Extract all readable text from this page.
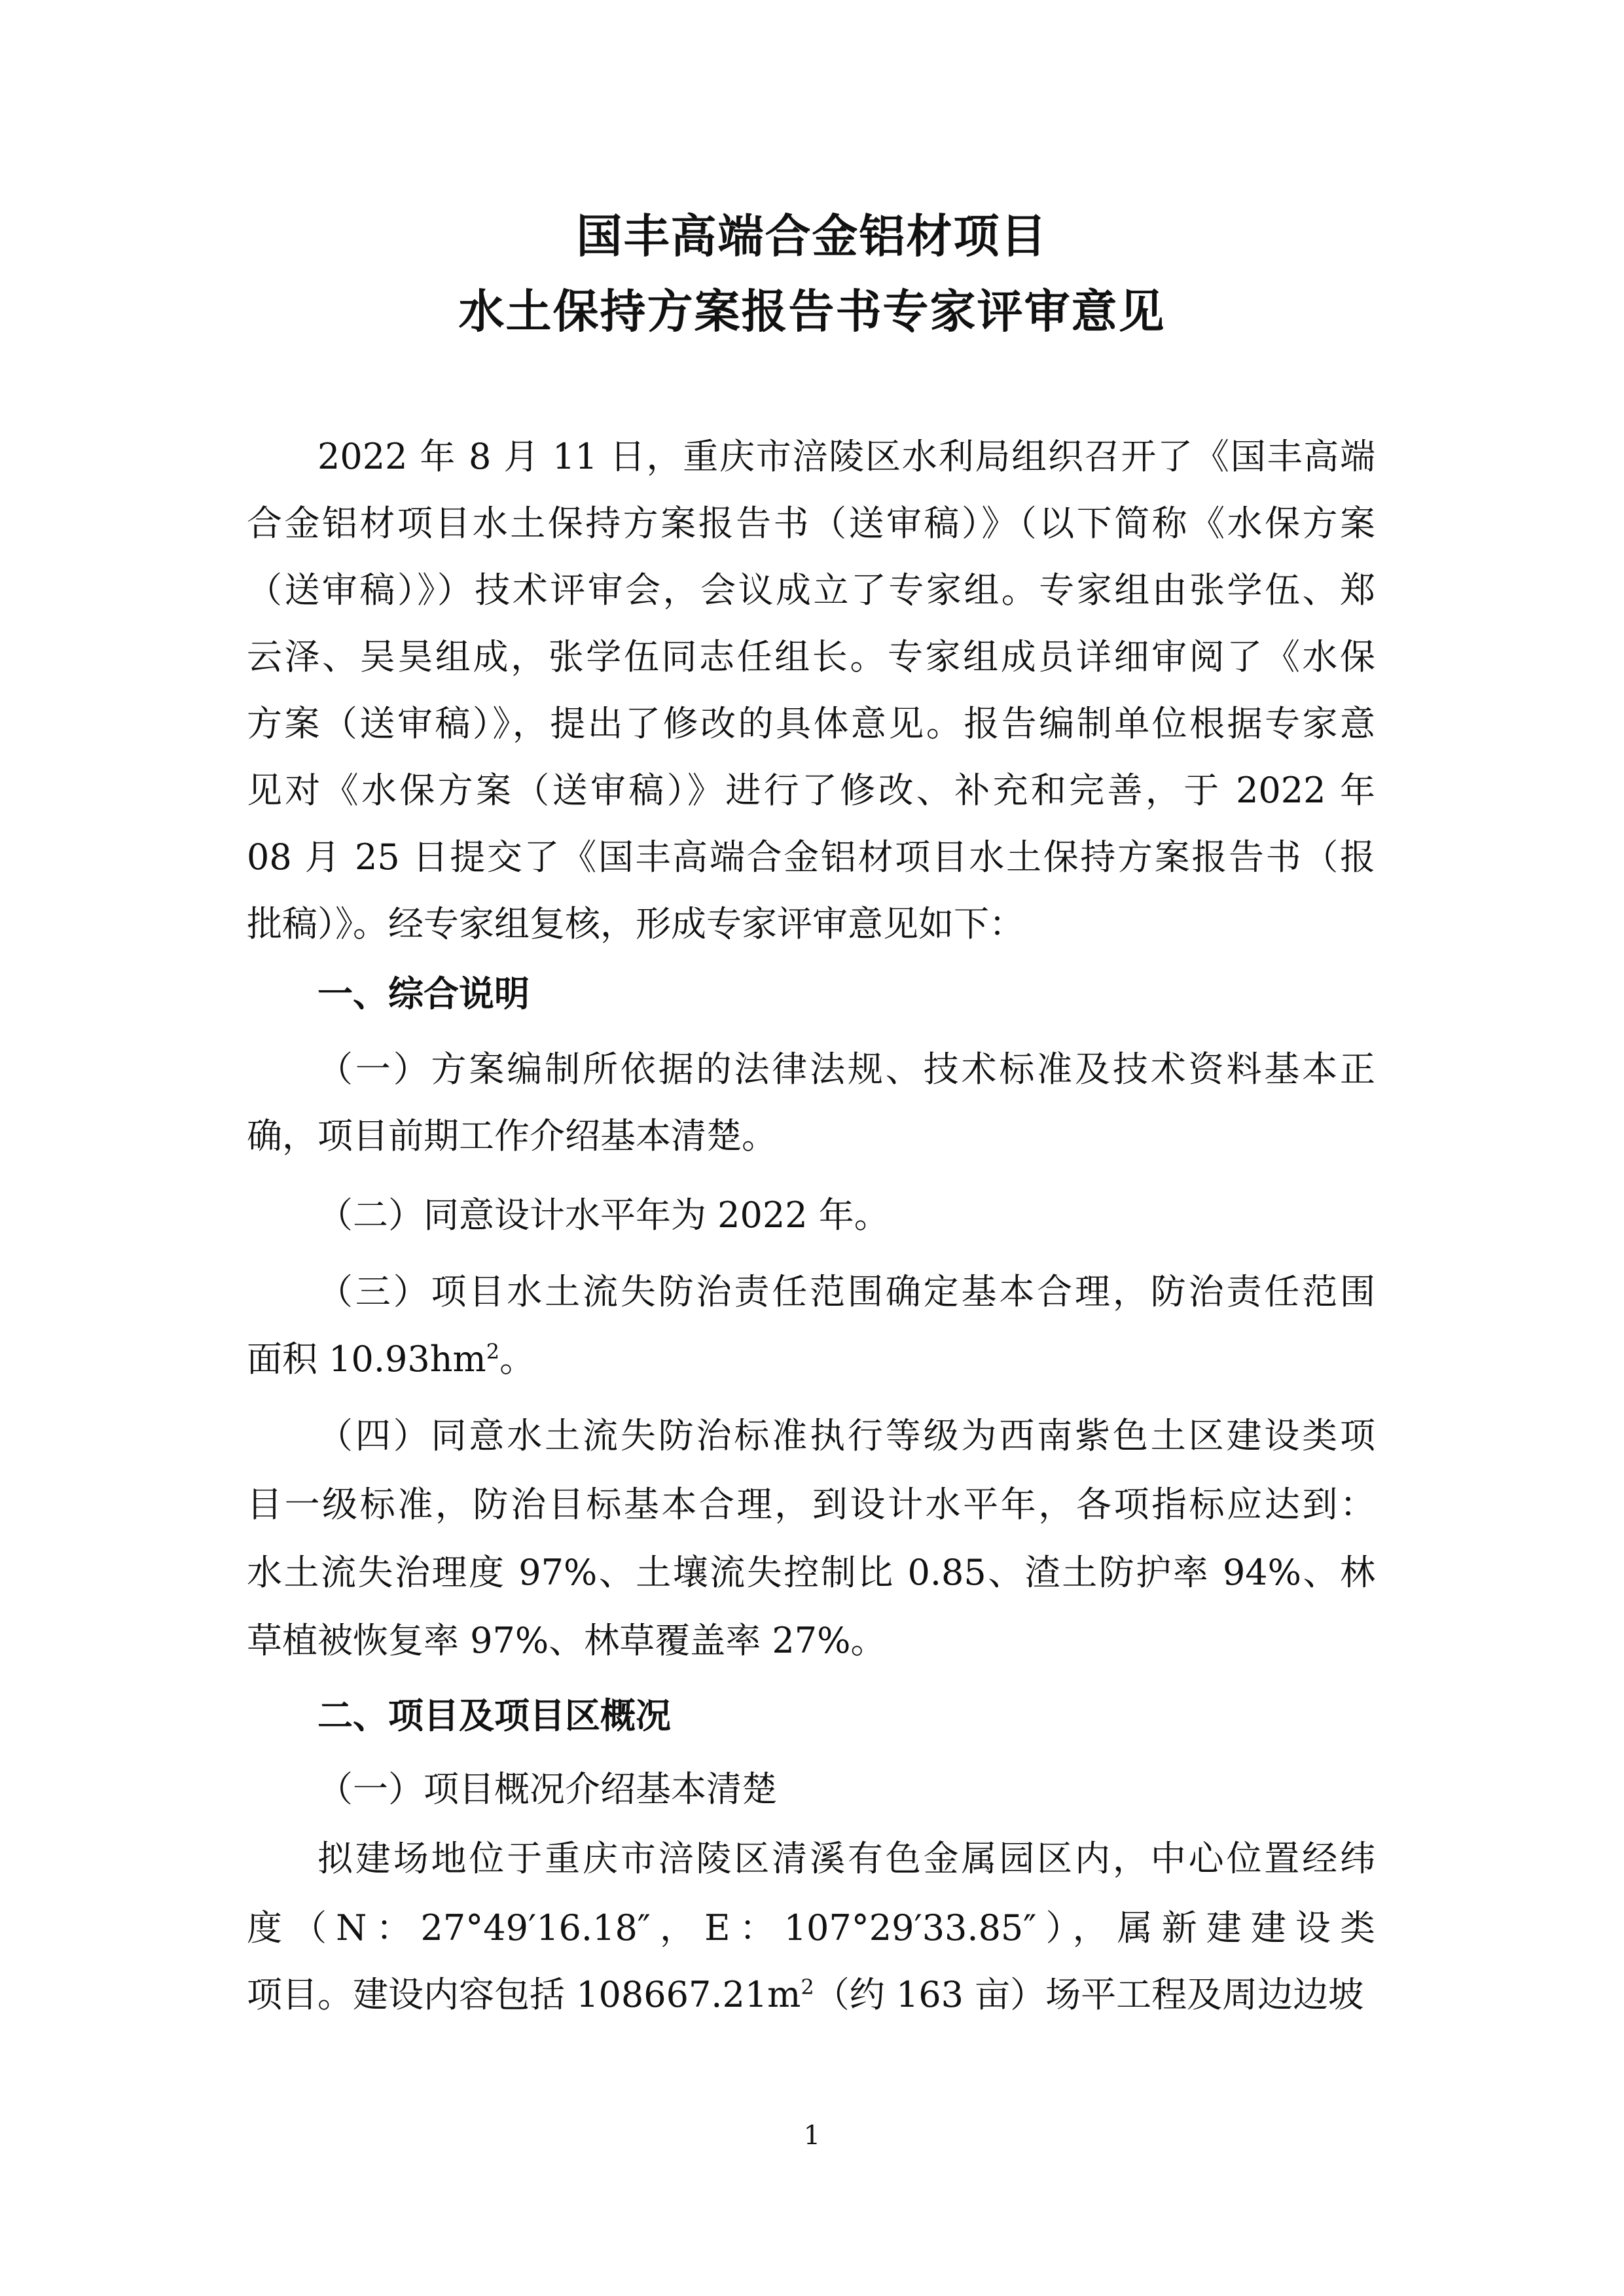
国丰高端合金铝材项目
水土保持方案报告书专家评审意见
2022 年 8 月 11 日，重庆市涪陵区水利局组织召开了《国丰高端
合金铝材项目水土保持方案报告书（送审稿）》（以下简称《水保方案
（送审稿）》）技术评审会，会议成立了专家组。专家组由张学伍、郑
云泽、吴昊组成，张学伍同志任组长。专家组成员详细审阅了《水保
方案（送审稿）》，提出了修改的具体意见。报告编制单位根据专家意
见对《水保方案（送审稿）》进行了修改、补充和完善，于 2022 年
08 月 25 日提交了《国丰高端合金铝材项目水土保持方案报告书（报
批稿）》。经专家组复核，形成专家评审意见如下：
一、综合说明
（一）方案编制所依据的法律法规、技术标准及技术资料基本正
确，项目前期工作介绍基本清楚。
（二）同意设计水平年为 2022 年。
（三）项目水土流失防治责任范围确定基本合理，防治责任范围
面积 $10.93hm^2$。
（四）同意水土流失防治标准执行等级为西南紫色土区建设类项
目一级标准，防治目标基本合理，到设计水平年，各项指标应达到：
水土流失治理度 97%、土壤流失控制比 0.85、渣土防护率 94%、林
草植被恢复率 97%、林草覆盖率 27%。
二、项目及项目区概况
（一）项目概况介绍基本清楚
拟建场地位于重庆市涪陵区清溪有色金属园区内，中心位置经纬
度（N：27°49′16.18″，E：107°29′33.85″），属新建建设类
项目。建设内容包括 $108667.21m^2$（约 163 亩）场平工程及周边边坡
1
